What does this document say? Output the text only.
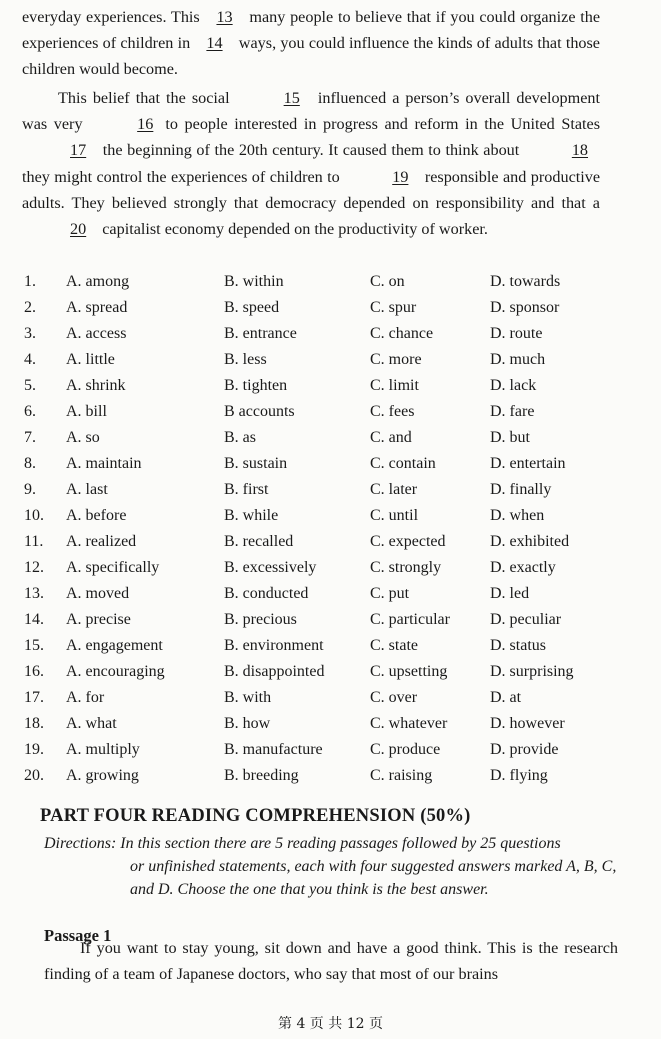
everyday experiences. This 13 many people to believe that if you could organize the experiences of children in 14 ways, you could influence the kinds of adults that those children would become.
This belief that the social	15 influenced a person’s overall development was very	16 to people interested in progress and reform in the United States 17 the beginning of the 20th century. It caused them to think about	18 they might control the experiences of children to	19 responsible and productive adults. They believed strongly that democracy depended on responsibility and that a 20 capitalist economy depended on the productivity of worker.
1. A. among	B. within	C. on	D. towards
2. A. spread	B. speed	C. spur	D. sponsor
3. A. access	B. entrance	C. chance	D. route
4. A. little	B. less	C. more	D. much
5. A. shrink	B. tighten	C. limit	D. lack
6. A. bill	B accounts	C. fees	D. fare
7. A. so	B. as	C. and	D. but
8. A. maintain	B. sustain	C. contain	D. entertain
9. A. last	B. first	C. later	D. finally
10. A. before	B. while	C. until	D. when
11. A. realized	B. recalled	C. expected	D. exhibited
12. A. specifically	B. excessively	C. strongly	D. exactly
13. A. moved	B. conducted	C. put	D. led
14. A. precise	B. precious	C. particular	D. peculiar
15. A. engagement	B. environment	C. state	D. status
16. A. encouraging	B. disappointed	C. upsetting	D. surprising
17. A. for	B. with	C. over	D. at
18. A. what	B. how	C. whatever	D. however
19. A. multiply	B. manufacture	C. produce	D. provide
20. A. growing	B. breeding	C. raising	D. flying
PART FOUR READING COMPREHENSION (50%)
Directions: In this section there are 5 reading passages followed by 25 questions
or unfinished statements, each with four suggested answers marked A, B, C, and D. Choose the one that you think is the best answer.
Passage 1
If you want to stay young, sit down and have a good think. This is the research finding of a team of Japanese doctors, who say that most of our brains
第 4 页 共 12 页
